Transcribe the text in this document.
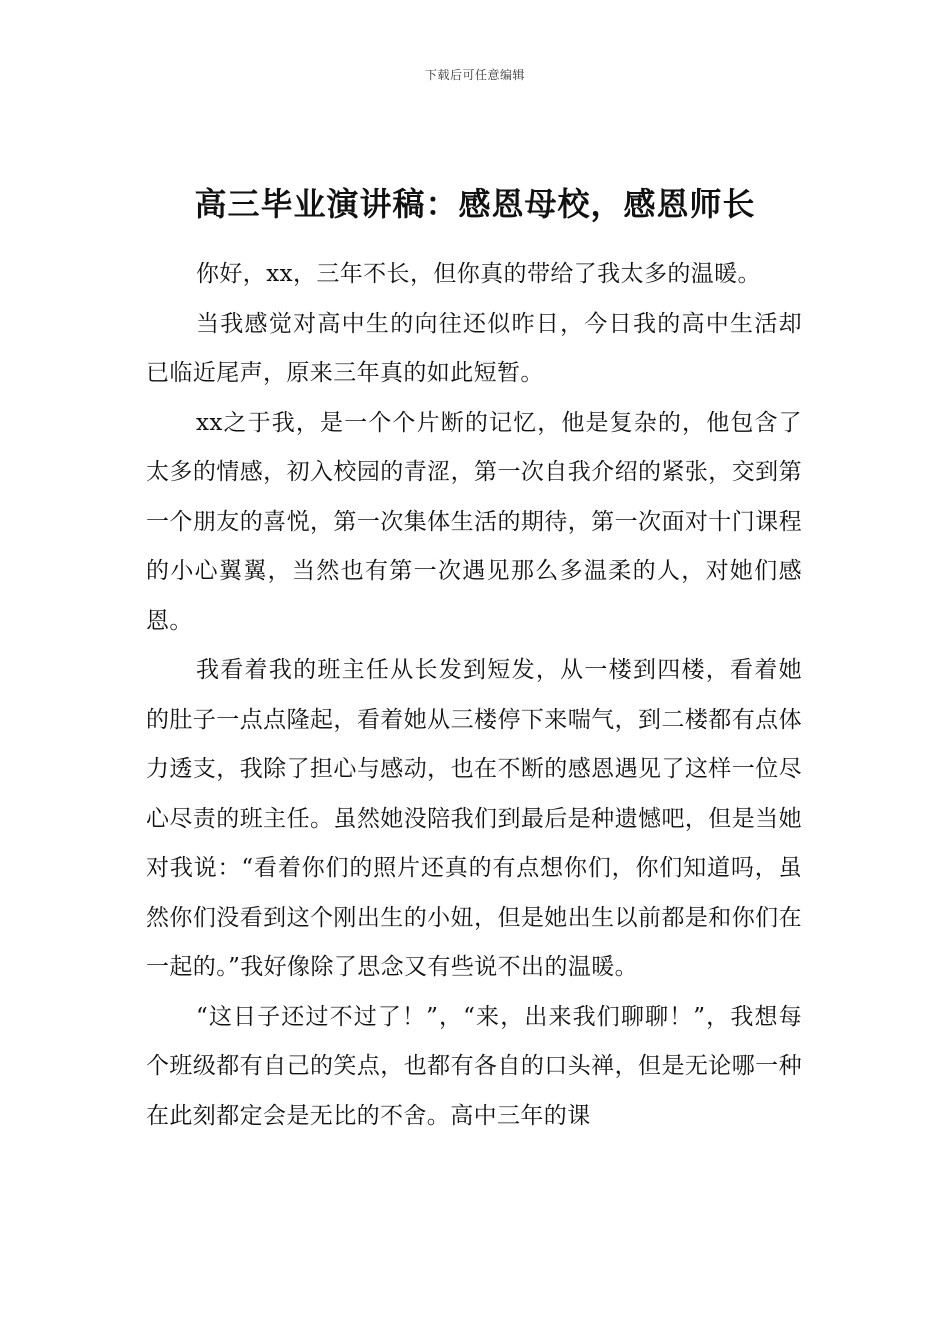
下载后可任意编辑
高三毕业演讲稿：感恩母校，感恩师长

你好，xx，三年不长，但你真的带给了我太多的温暖。

当我感觉对高中生的向往还似昨日，今日我的高中生活却已临近尾声，原来三年真的如此短暂。

xx之于我，是一个个片断的记忆，他是复杂的，他包含了太多的情感，初入校园的青涩，第一次自我介绍的紧张，交到第一个朋友的喜悦，第一次集体生活的期待，第一次面对十门课程的小心翼翼，当然也有第一次遇见那么多温柔的人，对她们感恩。

我看着我的班主任从长发到短发，从一楼到四楼，看着她的肚子一点点隆起，看着她从三楼停下来喘气，到二楼都有点体力透支，我除了担心与感动，也在不断的感恩遇见了这样一位尽心尽责的班主任。虽然她没陪我们到最后是种遗憾吧，但是当她对我说：“看着你们的照片还真的有点想你们，你们知道吗，虽然你们没看到这个刚出生的小妞，但是她出生以前都是和你们在一起的。”我好像除了思念又有些说不出的温暖。

“这日子还过不过了！”，“来，出来我们聊聊！”，我想每个班级都有自己的笑点，也都有各自的口头禅，但是无论哪一种在此刻都定会是无比的不舍。高中三年的课
